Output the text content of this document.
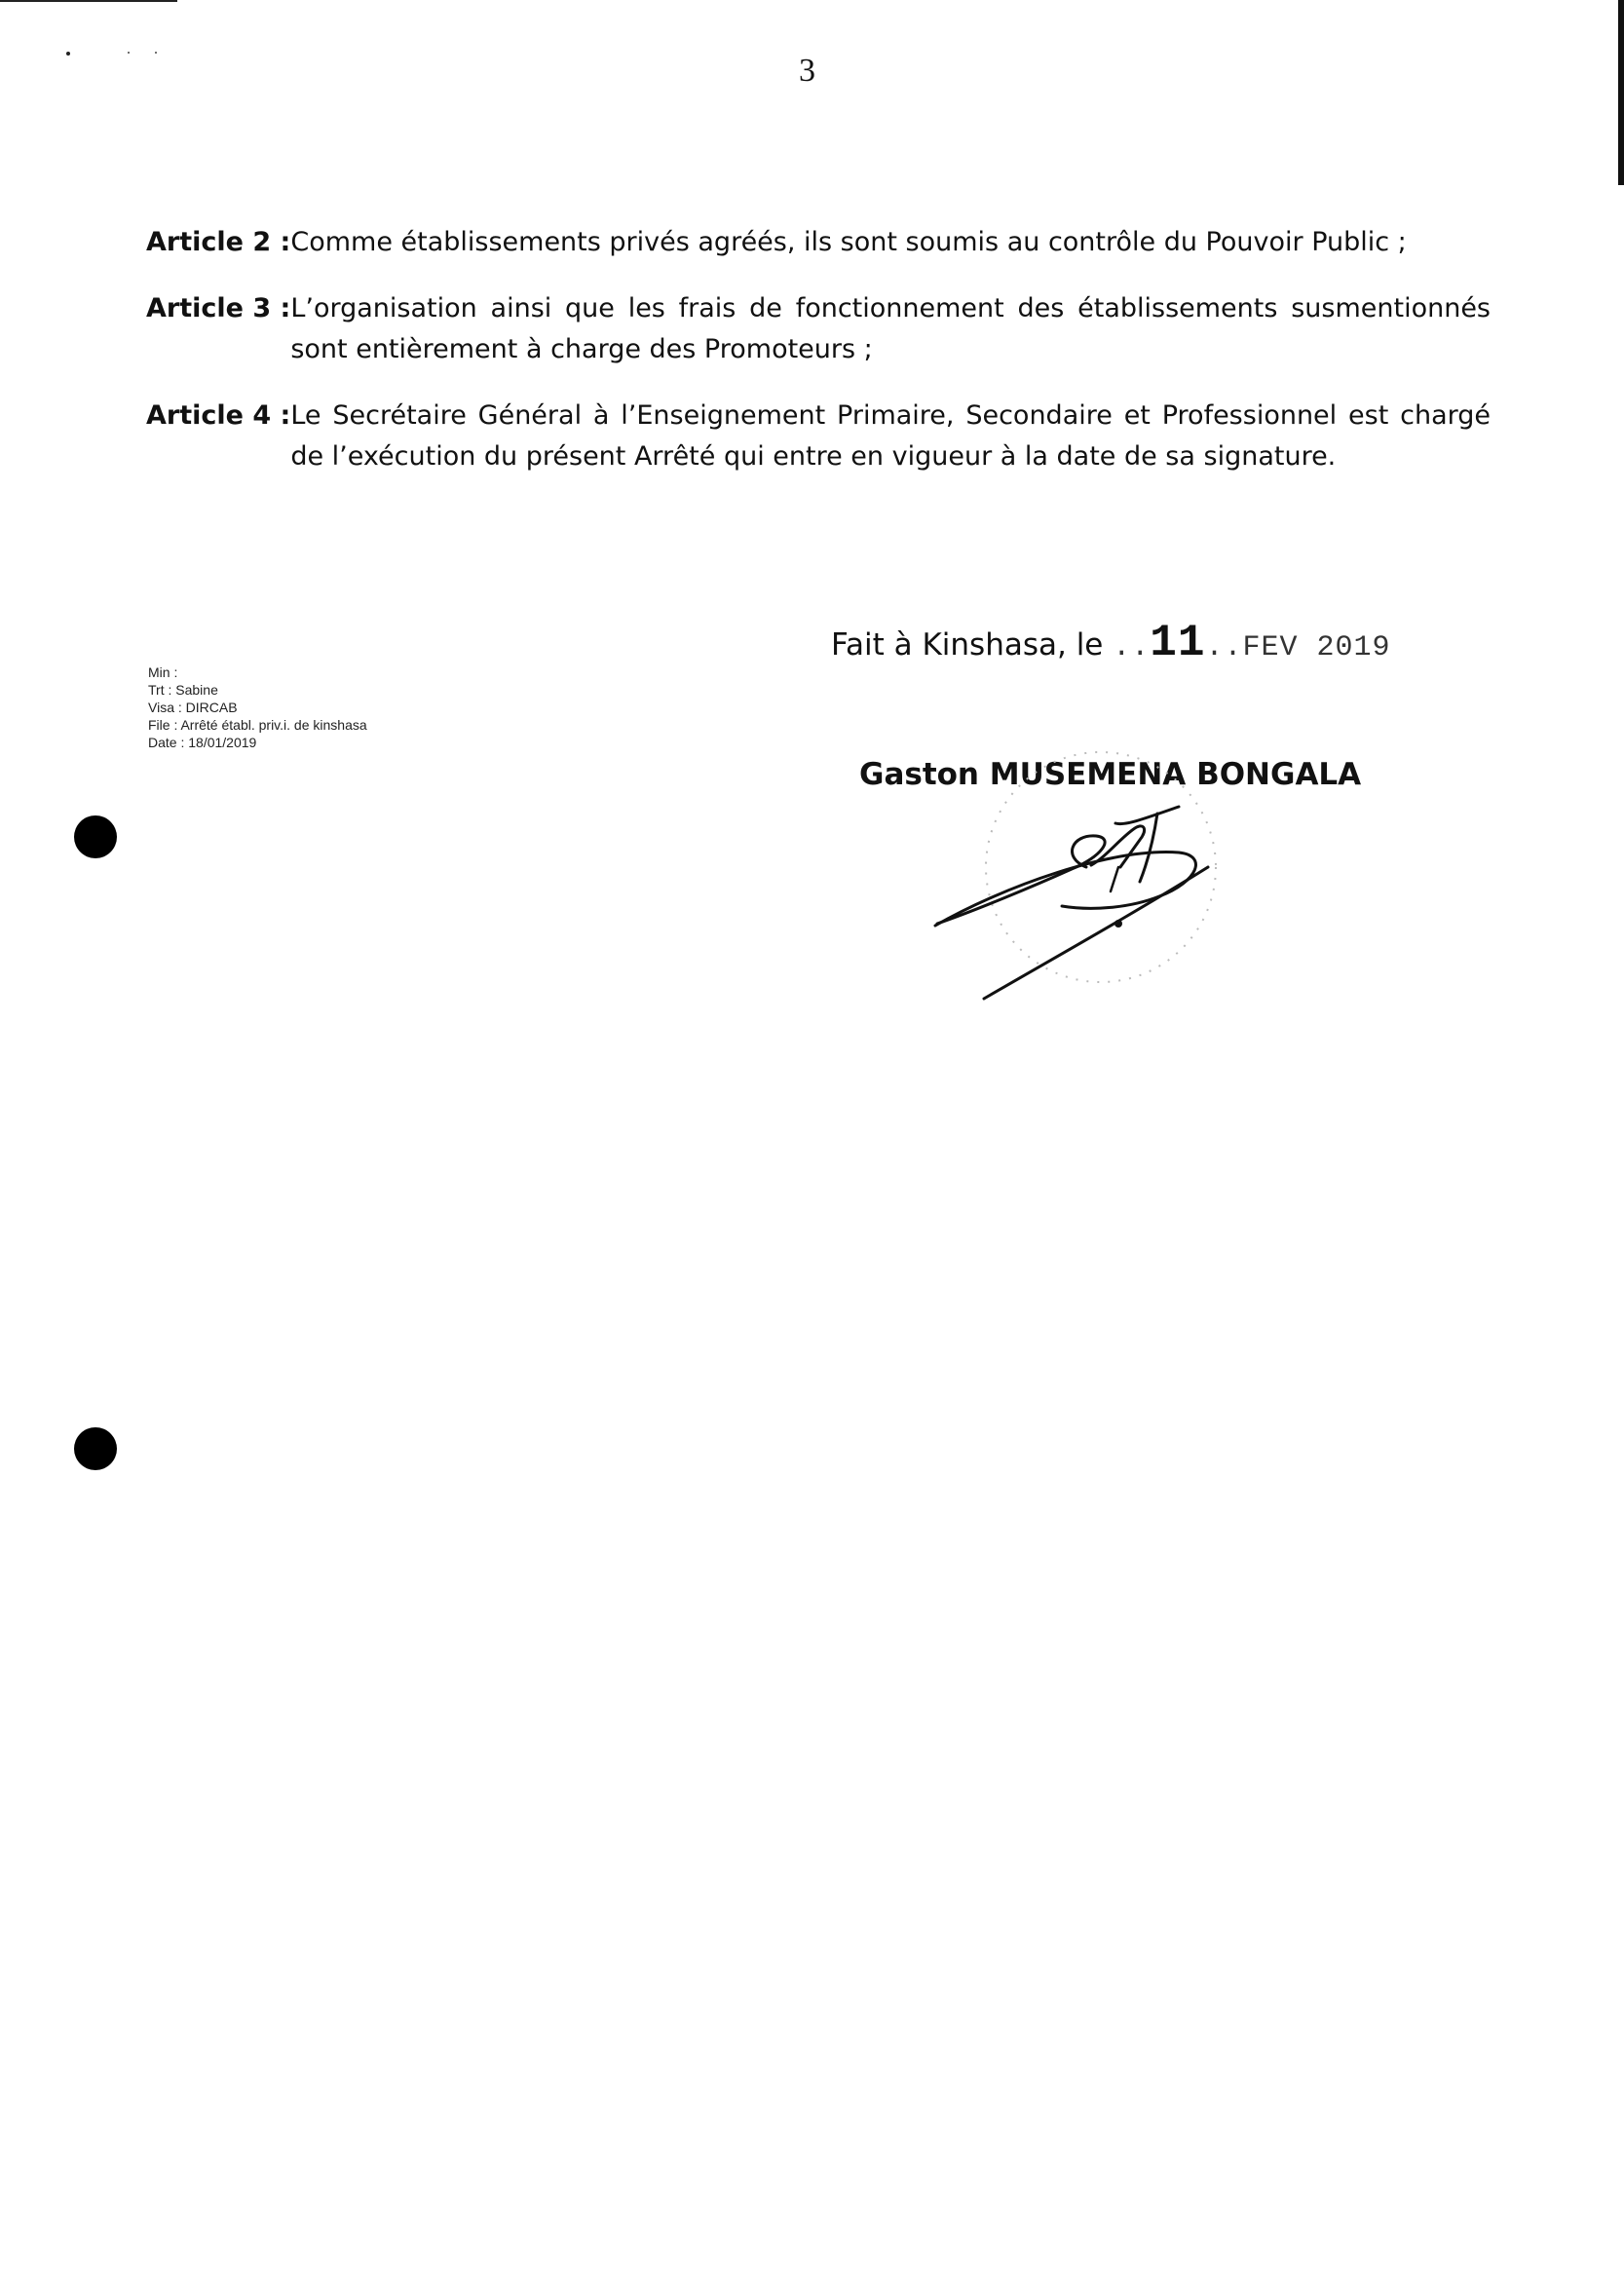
3
Article 2 : Comme établissements privés agréés, ils sont soumis au contrôle du Pouvoir Public ;
Article 3 : L’organisation ainsi que les frais de fonctionnement des établissements susmentionnés sont entièrement à charge des Promoteurs ;
Article 4 : Le Secrétaire Général à l’Enseignement Primaire, Secondaire et Professionnel est chargé de l’exécution du présent Arrêté qui entre en vigueur à la date de sa signature.
Fait à Kinshasa, le ..11..FEV 2019
Min :
Trt : Sabine
Visa : DIRCAB
File : Arrêté établ. priv.i. de kinshasa
Date : 18/01/2019
Gaston MUSEMENA BONGALA
